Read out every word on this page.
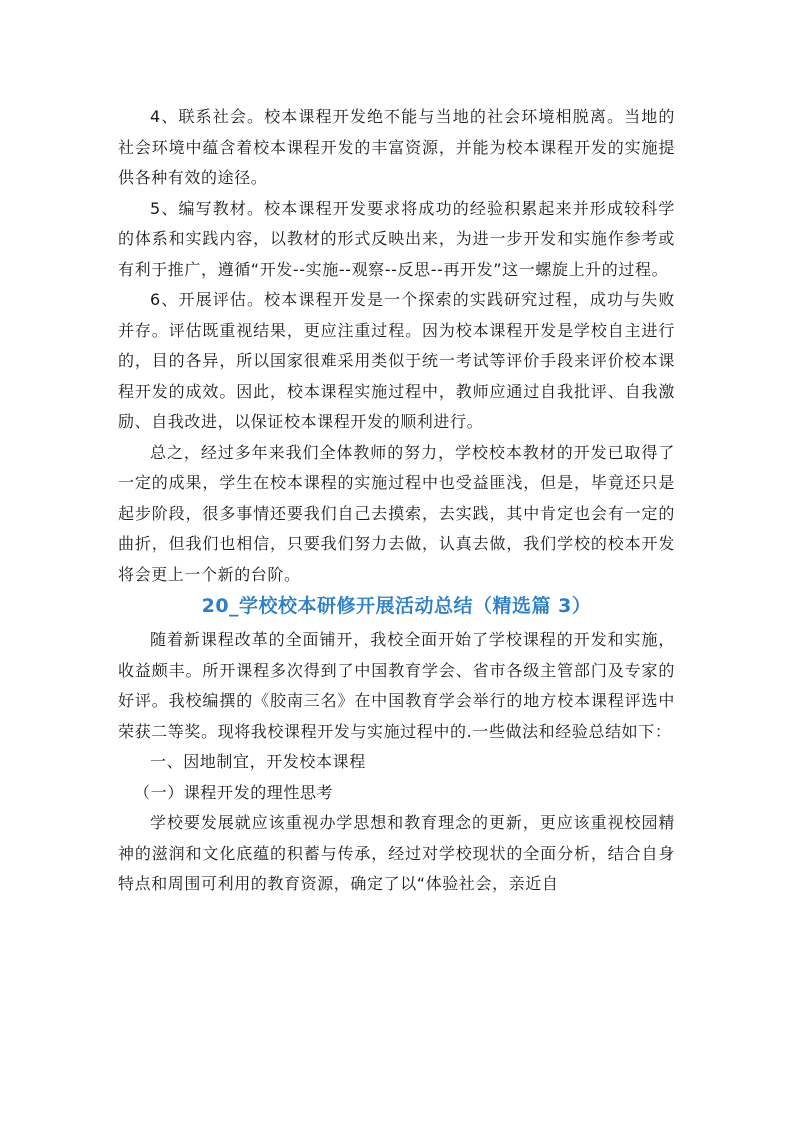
4、联系社会。校本课程开发绝不能与当地的社会环境相脱离。当地的社会环境中蕴含着校本课程开发的丰富资源，并能为校本课程开发的实施提供各种有效的途径。

5、编写教材。校本课程开发要求将成功的经验积累起来并形成较科学的体系和实践内容，以教材的形式反映出来，为进一步开发和实施作参考或有利于推广，遵循“开发--实施--观察--反思--再开发”这一螺旋上升的过程。

6、开展评估。校本课程开发是一个探索的实践研究过程，成功与失败并存。评估既重视结果，更应注重过程。因为校本课程开发是学校自主进行的，目的各异，所以国家很难采用类似于统一考试等评价手段来评价校本课程开发的成效。因此，校本课程实施过程中，教师应通过自我批评、自我激励、自我改进，以保证校本课程开发的顺利进行。

总之，经过多年来我们全体教师的努力，学校校本教材的开发已取得了一定的成果，学生在校本课程的实施过程中也受益匪浅，但是，毕竟还只是起步阶段，很多事情还要我们自己去摸索，去实践，其中肯定也会有一定的曲折，但我们也相信，只要我们努力去做，认真去做，我们学校的校本开发将会更上一个新的台阶。

20_学校校本研修开展活动总结（精选篇 3）

随着新课程改革的全面铺开，我校全面开始了学校课程的开发和实施，收益颇丰。所开课程多次得到了中国教育学会、省市各级主管部门及专家的好评。我校编撰的《胶南三名》在中国教育学会举行的地方校本课程评选中荣获二等奖。现将我校课程开发与实施过程中的.一些做法和经验总结如下：

一、因地制宜，开发校本课程

（一）课程开发的理性思考

学校要发展就应该重视办学思想和教育理念的更新，更应该重视校园精神的滋润和文化底蕴的积蓄与传承，经过对学校现状的全面分析，结合自身特点和周围可利用的教育资源，确定了以“体验社会，亲近自
